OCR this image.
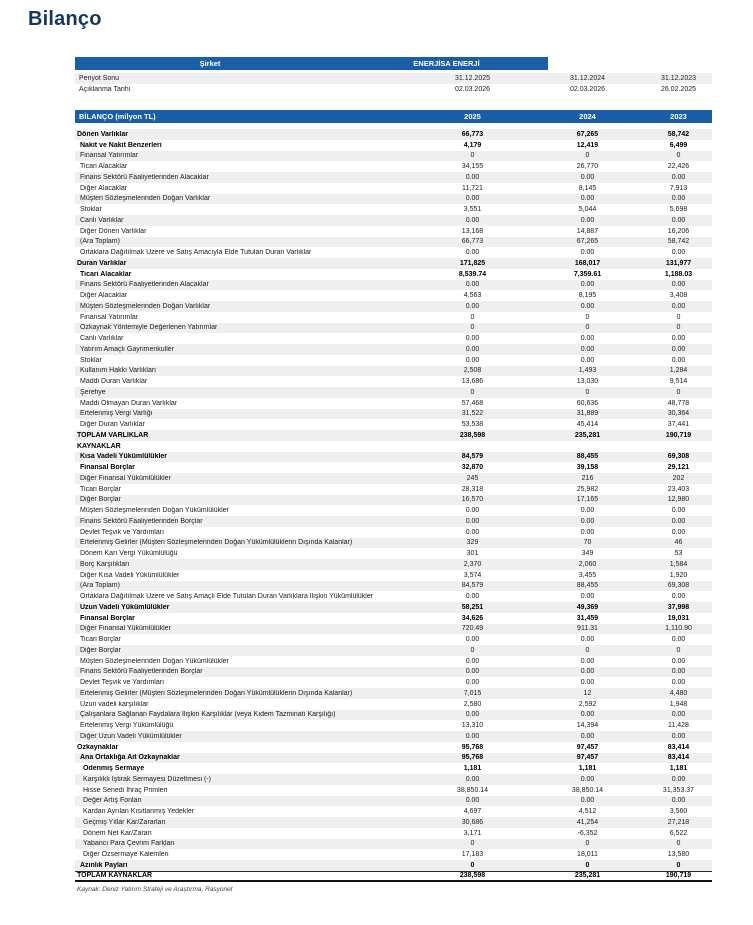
Bilanço
Şirket	ENERJİSA ENERJİ
Periyot Sonu	31.12.2025	31.12.2024	31.12.2023
Açıklanma Tarihi	02.03.2026	02.03.2026	26.02.2025
BİLANÇO (milyon TL)	2025	2024	2023
Dönen Varlıklar	66,773	67,265	58,742
Nakit ve Nakit Benzerleri	4,179	12,419	6,499
Finansal Yatırımlar	0	0	0
Ticari Alacaklar	34,155	26,770	22,426
Finans Sektörü Faaliyetlerinden Alacaklar	0.00	0.00	0.00
Diğer Alacaklar	11,721	8,145	7,913
Müşteri Sözleşmelerinden Doğan Varlıklar	0.00	0.00	0.00
Stoklar	3,551	5,044	5,698
Canlı Varlıklar	0.00	0.00	0.00
Diğer Dönen Varlıklar	13,168	14,887	16,206
(Ara Toplam)	66,773	67,265	58,742
Ortaklara Dağıtılmak Üzere ve Satış Amacıyla Elde Tutulan Duran Varlıklar	0.00	0.00	0.00
Duran Varlıklar	171,825	168,017	131,977
Ticari Alacaklar	8,539.74	7,359.61	1,188.03
Finans Sektörü Faaliyetlerinden Alacaklar	0.00	0.00	0.00
Diğer Alacaklar	4,563	8,195	3,408
Müşteri Sözleşmelerinden Doğan Varlıklar	0.00	0.00	0.00
Finansal Yatırımlar	0	0	0
Özkaynak Yöntemiyle Değerlenen Yatırımlar	0	0	0
Canlı Varlıklar	0.00	0.00	0.00
Yatırım Amaçlı Gayrimenkuller	0.00	0.00	0.00
Stoklar	0.00	0.00	0.00
Kullanım Hakkı Varlıkları	2,508	1,493	1,284
Maddi Duran Varlıklar	13,686	13,030	9,514
Şerefiye	0	0	0
Maddi Olmayan Duran Varlıklar	57,468	60,636	48,778
Ertelenmiş Vergi Varlığı	31,522	31,889	30,364
Diğer Duran Varlıklar	53,538	45,414	37,441
TOPLAM VARLIKLAR	238,598	235,281	190,719
KAYNAKLAR
Kısa Vadeli Yükümlülükler	84,579	88,455	69,308
Finansal Borçlar	32,870	39,158	29,121
Diğer Finansal Yükümlülükler	245	216	202
Ticari Borçlar	28,318	25,982	23,403
Diğer Borçlar	16,570	17,165	12,980
Müşteri Sözleşmelerinden Doğan Yükümlülükler	0.00	0.00	0.00
Finans Sektörü Faaliyetlerinden Borçlar	0.00	0.00	0.00
Devlet Teşvik ve Yardımları	0.00	0.00	0.00
Ertelenmiş Gelirler (Müşteri Sözleşmelerinden Doğan Yükümlülüklerin Dışında Kalanlar)	329	70	46
Dönem Karı Vergi Yükümlülüğü	301	349	53
Borç Karşılıkları	2,370	2,060	1,584
Diğer Kısa Vadeli Yükümlülükler	3,574	3,455	1,920
(Ara Toplam)	84,579	88,455	69,308
Ortaklara Dağıtılmak Üzere ve Satış Amaçlı Elde Tutulan Duran Varlıklara İlişkin Yükümlülükler	0.00	0.00	0.00
Uzun Vadeli Yükümlülükler	58,251	49,369	37,998
Finansal Borçlar	34,626	31,459	19,031
Diğer Finansal Yükümlülükler	720.49	911.31	1,110.90
Ticari Borçlar	0.00	0.00	0.00
Diğer Borçlar	0	0	0
Müşteri Sözleşmelerinden Doğan Yükümlülükler	0.00	0.00	0.00
Finans Sektörü Faaliyetlerinden Borçlar	0.00	0.00	0.00
Devlet Teşvik ve Yardımları	0.00	0.00	0.00
Ertelenmiş Gelirler (Müşteri Sözleşmelerinden Doğan Yükümlülüklerin Dışında Kalanlar)	7,015	12	4,480
Uzun vadeli karşılıklar	2,580	2,592	1,948
Çalışanlara Sağlanan Faydalara İlişkin Karşılıklar (veya Kıdem Tazminatı Karşılığı)	0.00	0.00	0.00
Ertelenmiş Vergi Yükümlülüğü	13,310	14,394	11,428
Diğer Uzun Vadeli Yükümlülükler	0.00	0.00	0.00
Özkaynaklar	95,768	97,457	83,414
Ana Ortaklığa Ait Özkaynaklar	95,768	97,457	83,414
Ödenmiş Sermaye	1,181	1,181	1,181
Karşılıklı İştirak Sermayesi Düzeltmesi (-)	0.00	0.00	0.00
Hisse Senedi İhraç Primleri	38,850.14	38,850.14	31,353.37
Değer Artış Fonları	0.00	0.00	0.00
Kardan Ayrılan Kısıtlanmış Yedekler	4,697	4,512	3,560
Geçmiş Yıllar Kar/Zararları	30,686	41,254	27,218
Dönem Net Kar/Zararı	3,171	-6,352	6,522
Yabancı Para Çevrim Farkları	0	0	0
Diğer Özsermaye Kalemleri	17,183	18,011	13,580
Azınlık Payları	0	0	0
TOPLAM KAYNAKLAR	238,598	235,281	190,719
Kaynak: Deniz Yatırım Strateji ve Araştırma, Rasyonet
